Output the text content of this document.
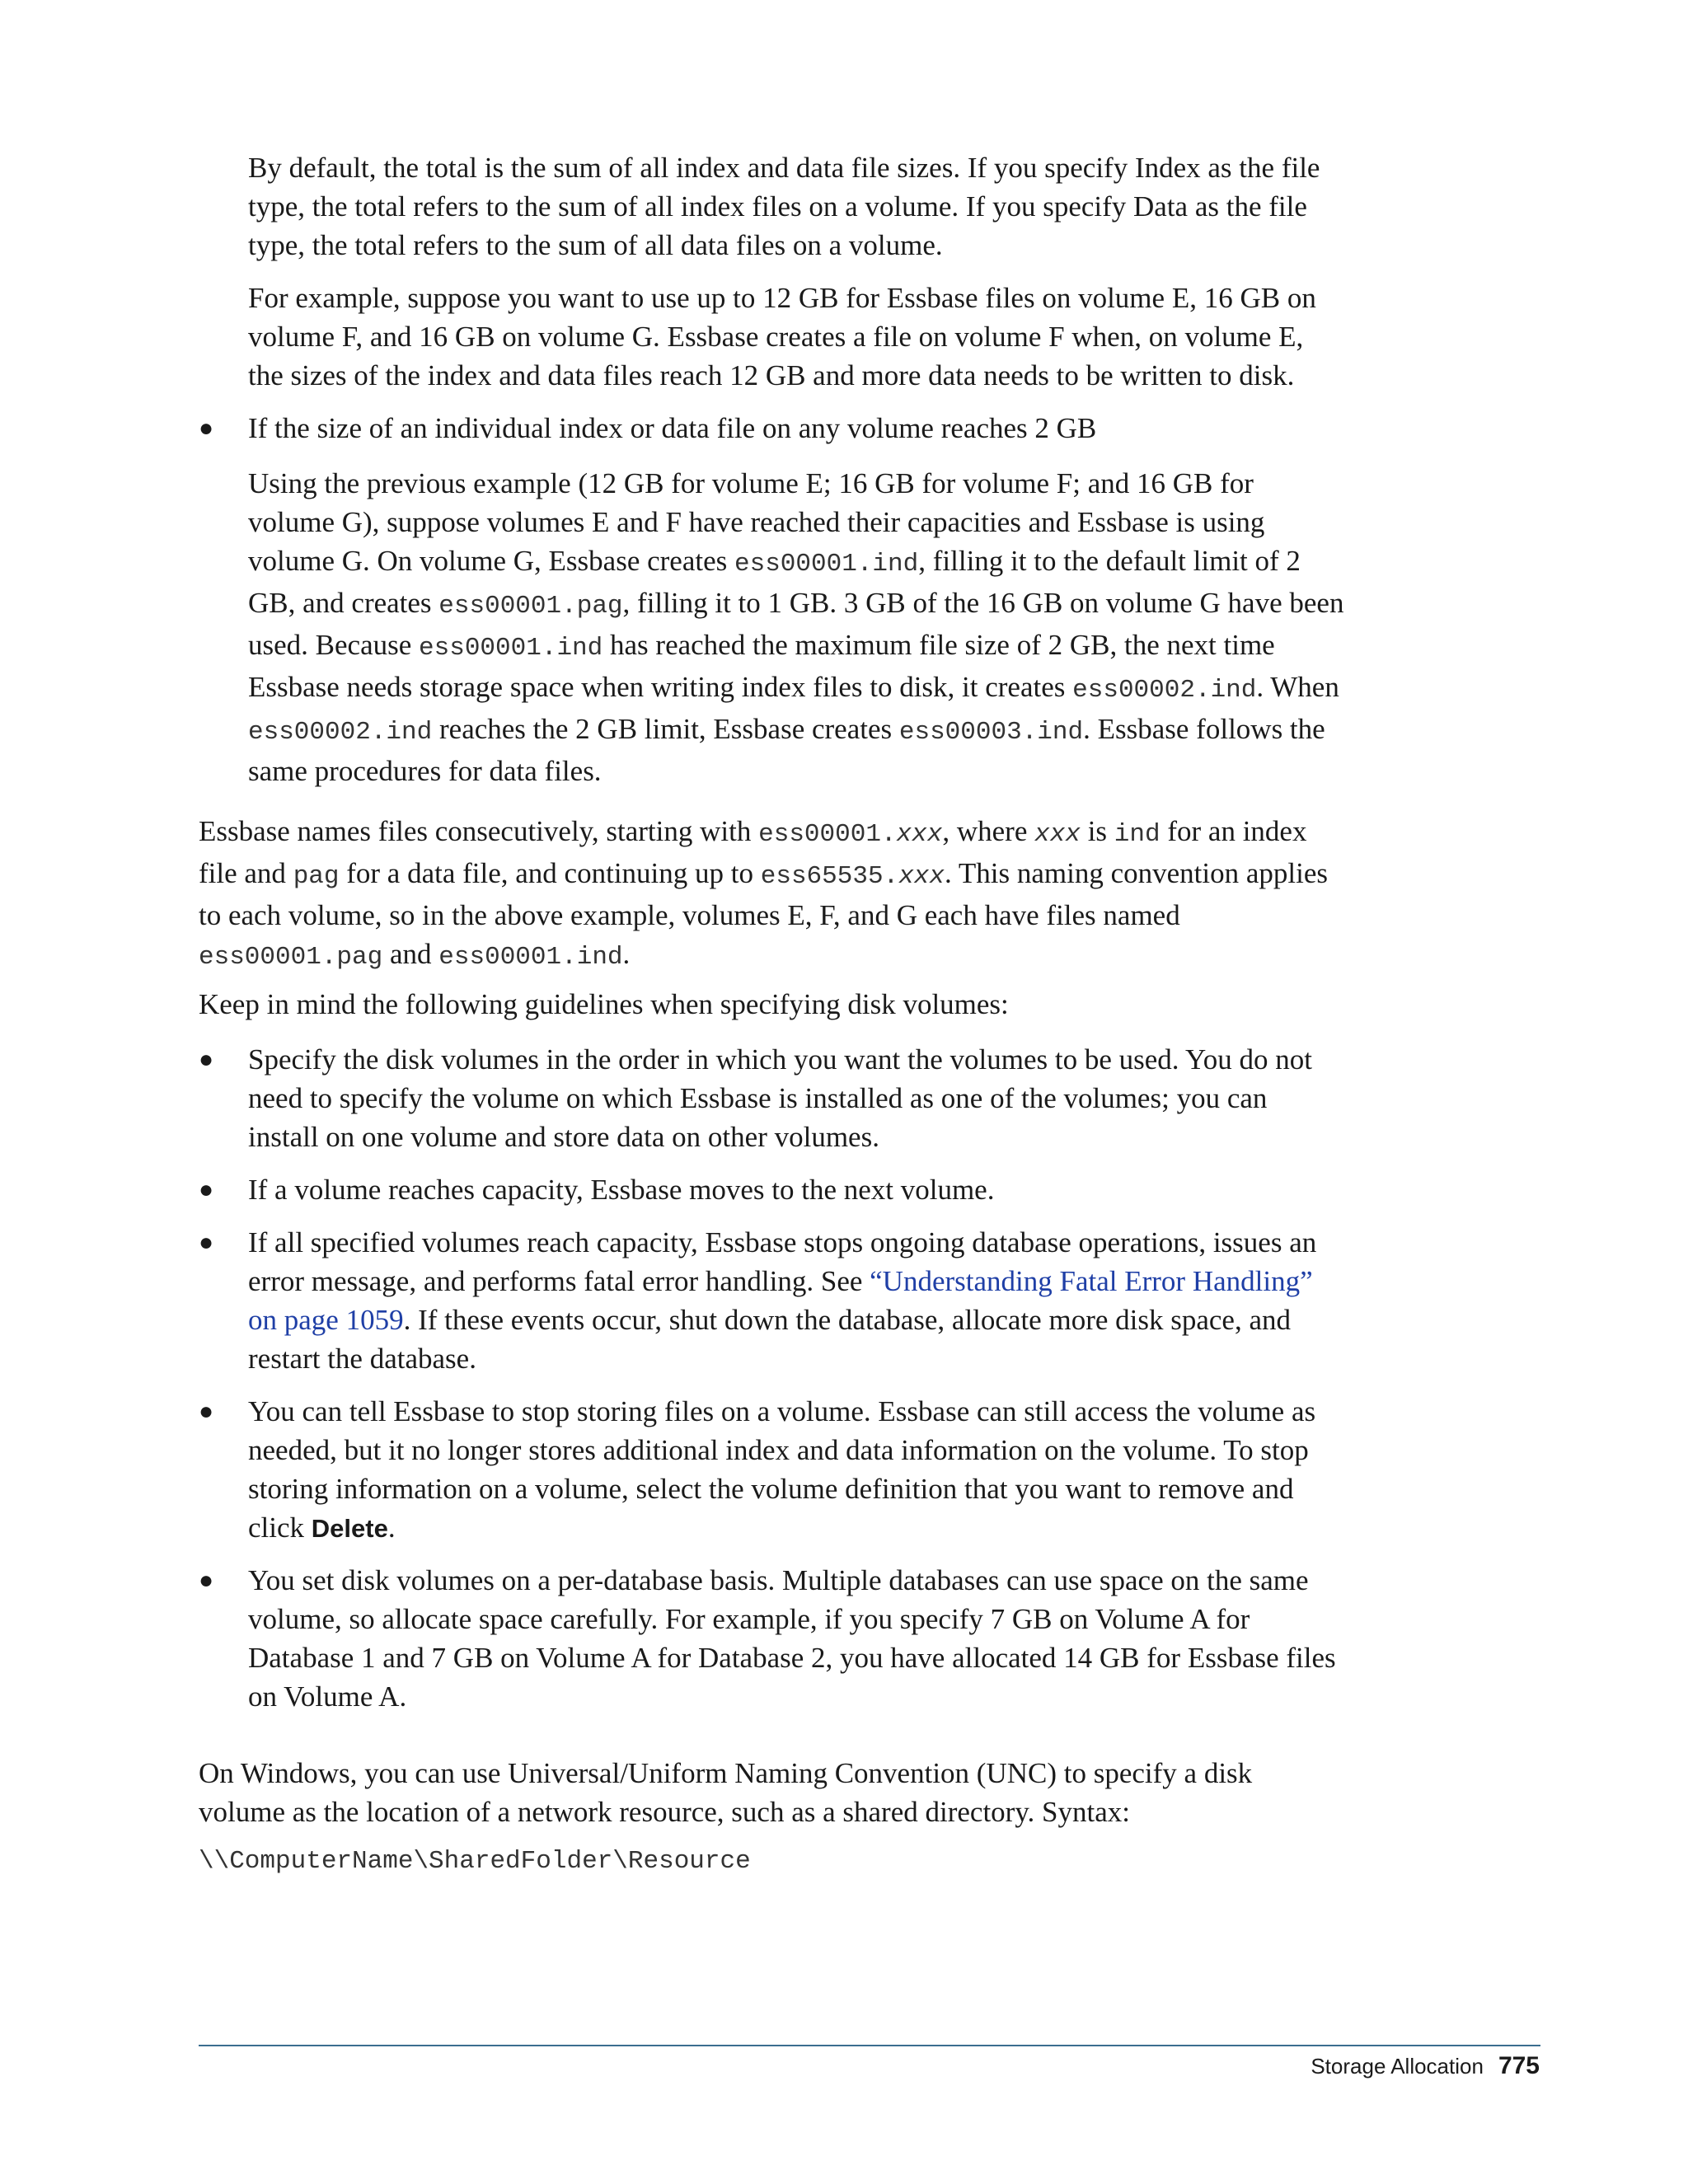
By default, the total is the sum of all index and data file sizes. If you specify Index as the file type, the total refers to the sum of all index files on a volume. If you specify Data as the file type, the total refers to the sum of all data files on a volume.

For example, suppose you want to use up to 12 GB for Essbase files on volume E, 16 GB on volume F, and 16 GB on volume G. Essbase creates a file on volume F when, on volume E, the sizes of the index and data files reach 12 GB and more data needs to be written to disk.

● If the size of an individual index or data file on any volume reaches 2 GB

Using the previous example (12 GB for volume E; 16 GB for volume F; and 16 GB for volume G), suppose volumes E and F have reached their capacities and Essbase is using volume G. On volume G, Essbase creates ess00001.ind, filling it to the default limit of 2 GB, and creates ess00001.pag, filling it to 1 GB. 3 GB of the 16 GB on volume G have been used. Because ess00001.ind has reached the maximum file size of 2 GB, the next time Essbase needs storage space when writing index files to disk, it creates ess00002.ind. When ess00002.ind reaches the 2 GB limit, Essbase creates ess00003.ind. Essbase follows the same procedures for data files.

Essbase names files consecutively, starting with ess00001.xxx, where xxx is ind for an index file and pag for a data file, and continuing up to ess65535.xxx. This naming convention applies to each volume, so in the above example, volumes E, F, and G each have files named ess00001.pag and ess00001.ind.

Keep in mind the following guidelines when specifying disk volumes:

● Specify the disk volumes in the order in which you want the volumes to be used. You do not need to specify the volume on which Essbase is installed as one of the volumes; you can install on one volume and store data on other volumes.

● If a volume reaches capacity, Essbase moves to the next volume.

● If all specified volumes reach capacity, Essbase stops ongoing database operations, issues an error message, and performs fatal error handling. See “Understanding Fatal Error Handling” on page 1059. If these events occur, shut down the database, allocate more disk space, and restart the database.

● You can tell Essbase to stop storing files on a volume. Essbase can still access the volume as needed, but it no longer stores additional index and data information on the volume. To stop storing information on a volume, select the volume definition that you want to remove and click Delete.

● You set disk volumes on a per-database basis. Multiple databases can use space on the same volume, so allocate space carefully. For example, if you specify 7 GB on Volume A for Database 1 and 7 GB on Volume A for Database 2, you have allocated 14 GB for Essbase files on Volume A.

On Windows, you can use Universal/Uniform Naming Convention (UNC) to specify a disk volume as the location of a network resource, such as a shared directory. Syntax:

\\ComputerName\SharedFolder\Resource
Storage Allocation 775
